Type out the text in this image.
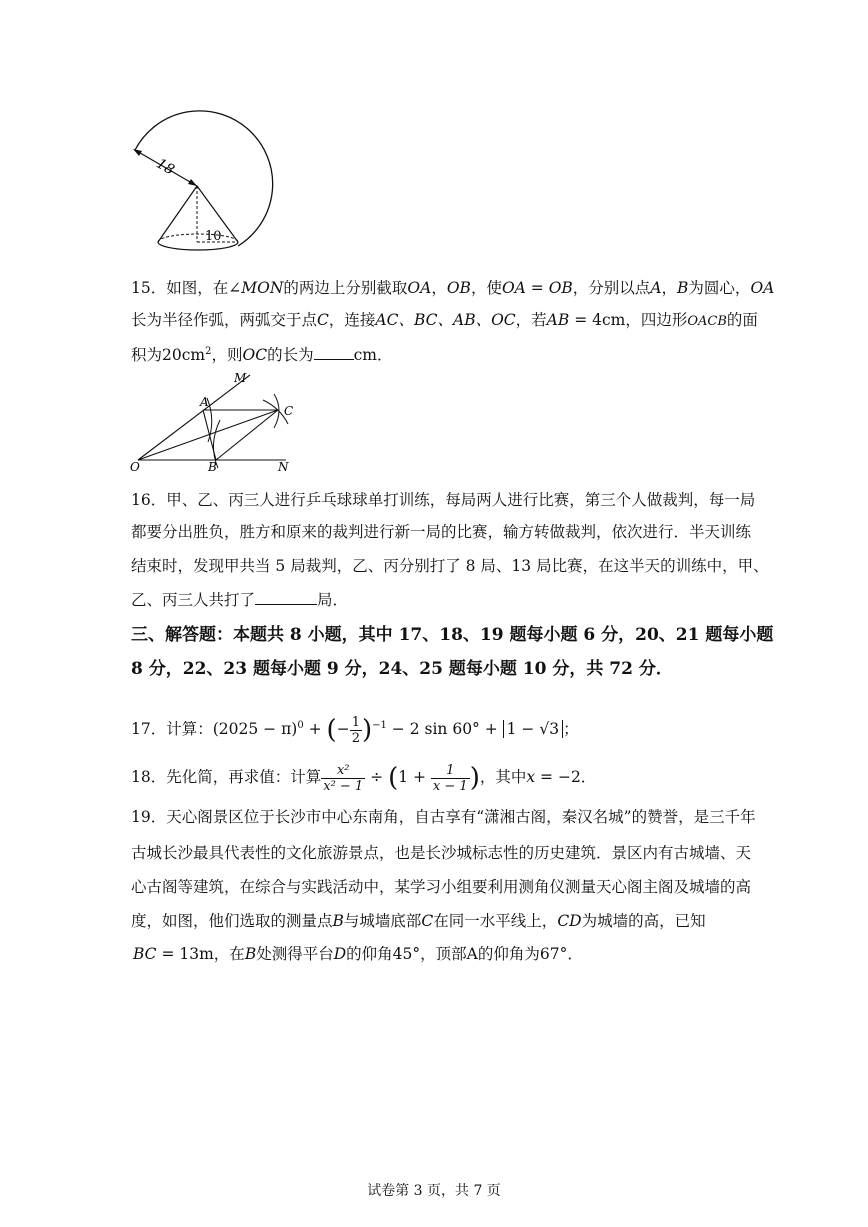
18
10
15．如图，在∠MON的两边上分别截取OA，OB，使OA = OB，分别以点A，B为圆心，OA
长为半径作弧，两弧交于点C，连接AC、BC、AB、OC，若AB = 4cm，四边形OACB的面
积为$20cm^2$，则OC的长为	cm．
M
A
C
O	B	N
16．甲、乙、丙三人进行乒乓球球单打训练，每局两人进行比赛，第三个人做裁判，每一局
都要分出胜负，胜方和原来的裁判进行新一局的比赛，输方转做裁判，依次进行．半天训练
结束时，发现甲共当 5 局裁判，乙、丙分别打了 8 局、13 局比赛，在这半天的训练中，甲、
乙、丙三人共打了	局．
三、解答题：本题共 8 小题，其中 17、18、19 题每小题 6 分，20、21 题每小题
8 分，22、23 题每小题 9 分，24、25 题每小题 10 分，共 72 分．
17．计算：$(2025 - \pi)^0$ + (− $\frac{1}{2} )^{-1} - 2$ sin 60° + 1 − √3 ；
18．先化简，再求值：计算 $\frac{\text{x²}}{\text{x² − 1}} \div (1 + \frac{1}{x - 1}$ )，其中x = −2．
19．天心阁景区位于长沙市中心东南角，自古享有“潇湘古阁，秦汉名城”的赞誉，是三千年
古城长沙最具代表性的文化旅游景点，也是长沙城标志性的历史建筑．景区内有古城墙、天
心古阁等建筑，在综合与实践活动中，某学习小组要利用测角仪测量天心阁主阁及城墙的高
度，如图，他们选取的测量点B与城墙底部C在同一水平线上，CD为城墙的高，已知
BC = 13m，在B处测得平台D的仰角45°，顶部A的仰角为67°．
试卷第 3 页，共 7 页
